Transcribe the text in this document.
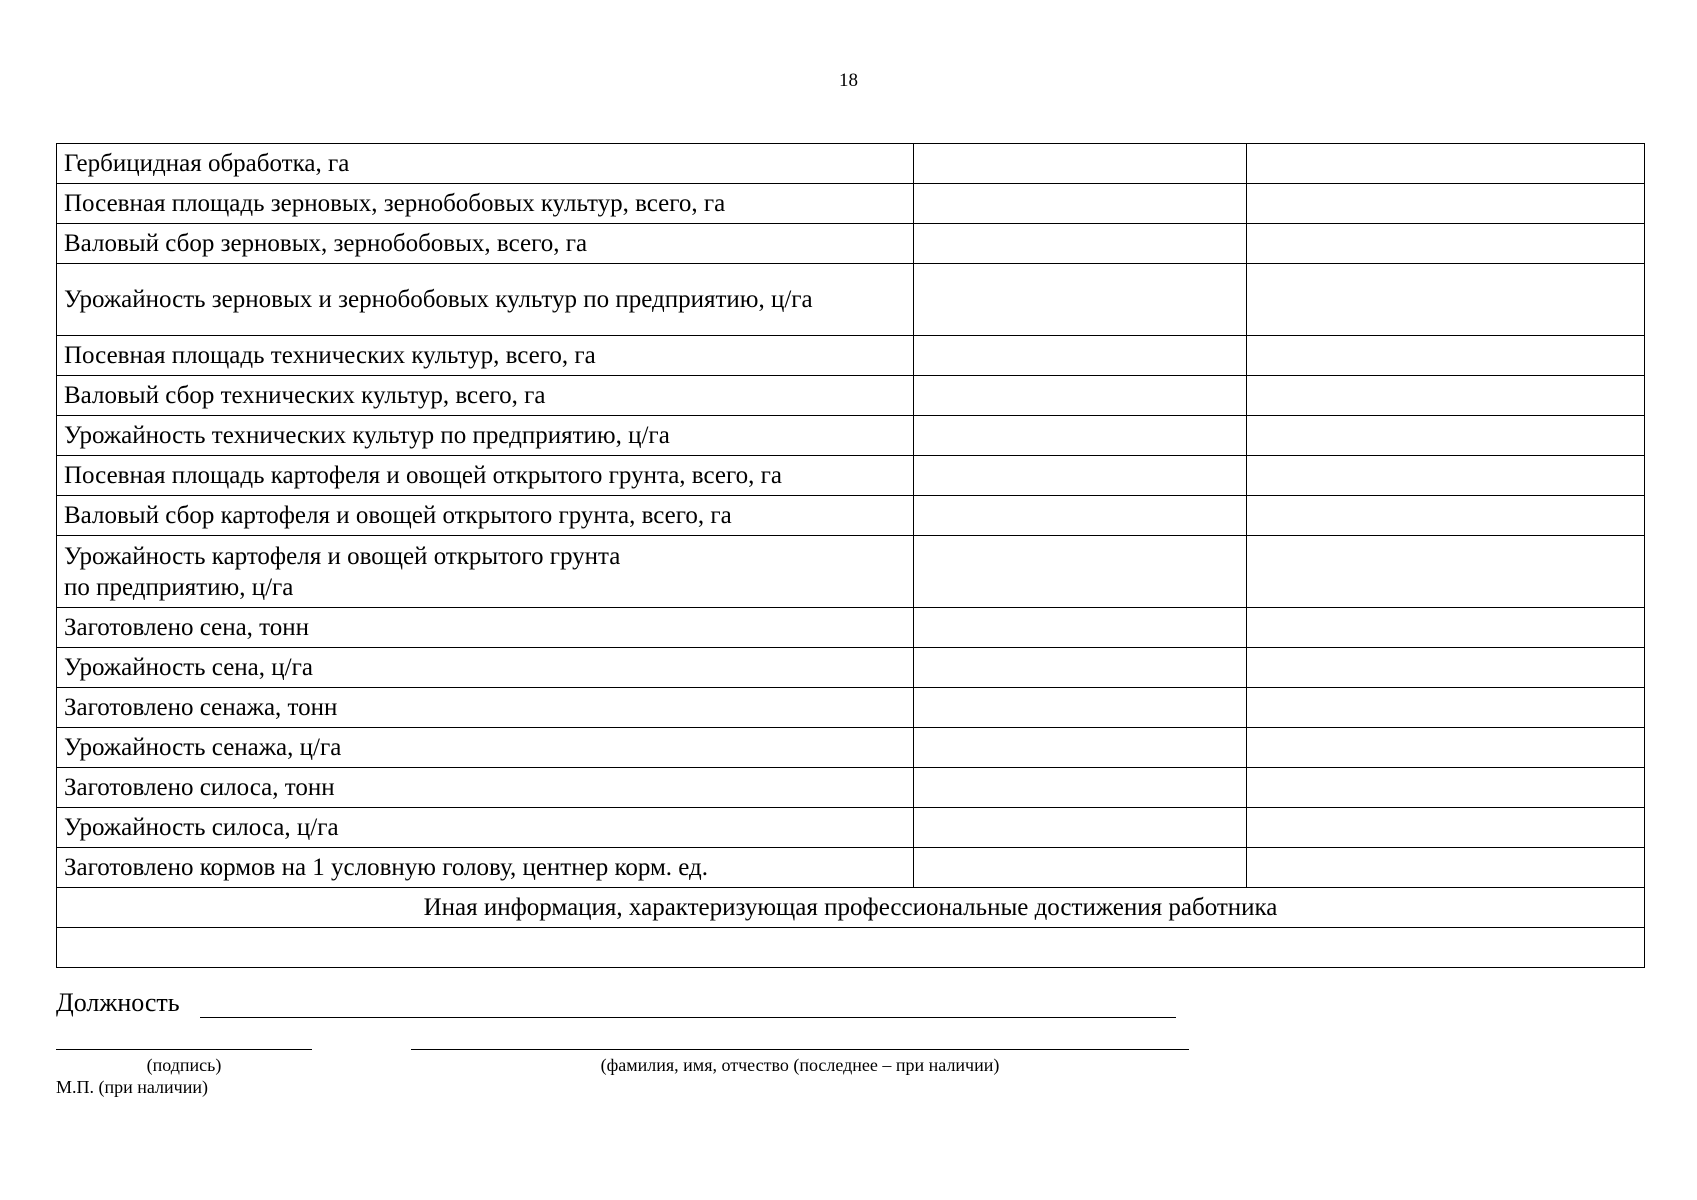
18
Гербицидная обработка, га		
Посевная площадь зерновых, зернобобовых культур, всего, га		
Валовый сбор зерновых, зернобобовых, всего, га		
Урожайность зерновых и зернобобовых культур по предприятию, ц/га		
Посевная площадь технических культур, всего, га		
Валовый сбор технических культур, всего, га		
Урожайность технических культур по предприятию, ц/га		
Посевная площадь картофеля и овощей открытого грунта, всего, га		
Валовый сбор картофеля и овощей открытого грунта, всего, га		
Урожайность картофеля и овощей открытого грунта
по предприятию, ц/га		
Заготовлено сена, тонн		
Урожайность сена, ц/га		
Заготовлено сенажа, тонн		
Урожайность сенажа, ц/га		
Заготовлено силоса, тонн		
Урожайность силоса, ц/га		
Заготовлено кормов на 1 условную голову, центнер корм. ед.		
Иная информация, характеризующая профессиональные достижения работника		

Должность
(подпись)	(фамилия, имя, отчество (последнее – при наличии)
М.П. (при наличии)
